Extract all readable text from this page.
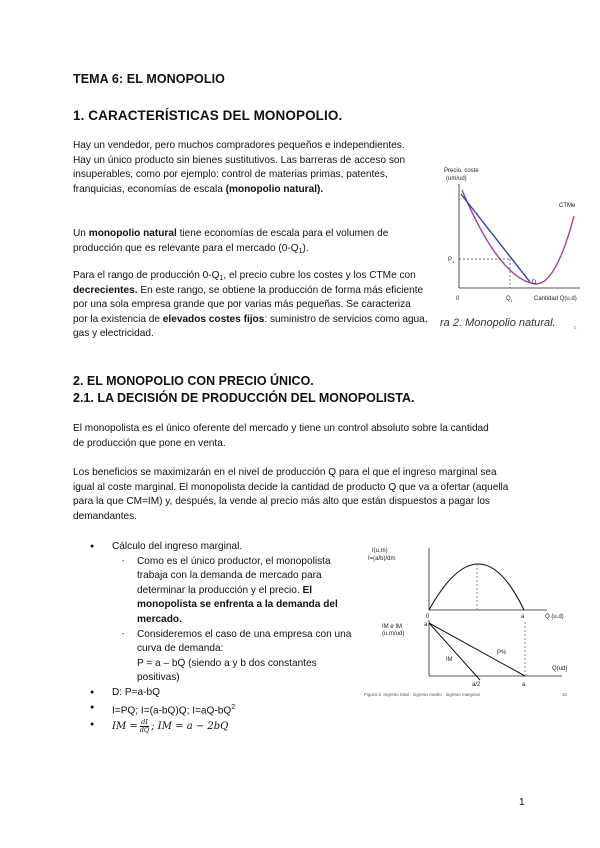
TEMA 6: EL MONOPOLIO
1. CARACTERÍSTICAS DEL MONOPOLIO.
Hay un vendedor, pero muchos compradores pequeños e independientes. Hay un único producto sin bienes sustitutivos. Las barreras de acceso son insuperables, como por ejemplo: control de materias primas, patentes, franquicias, economías de escala (monopolio natural).
Un monopolio natural tiene economías de escala para el volumen de producción que es relevante para el mercado $(0-Q_1)$.
Para el rango de producción $0-Q_1$, el precio cubre los costes y los CTMe con decrecientes. En este rango, se obtiene la producción de forma más eficiente por una sola empresa grande que por varias más pequeñas. Se caracteriza por la existencia de elevados costes fijos: suministro de servicios como agua, gas y electricidad.
Precio, coste
(um/ud)
CTMe
D
$P_1$
0	$Q_1$	Cantidad Q(u.d)
ra 2. Monopolio natural.	c
2. EL MONOPOLIO CON PRECIO ÚNICO.
2.1. LA DECISIÓN DE PRODUCCIÓN DEL MONOPOLISTA.
El monopolista es el único oferente del mercado y tiene un control absoluto sobre la cantidad de producción que pone en venta.
Los beneficios se maximizarán en el nivel de producción Q para el que el ingreso marginal sea igual al coste marginal. El monopolista decide la cantidad de producto Q que va a ofertar (aquella para la que CM=IM) y, después, la vende al precio más alto que están dispuestos a pagar los demandantes.
● Cálculo del ingreso marginal.
- Como es el único productor, el monopolista trabaja con la demanda de mercado para determinar la producción y el precio. El monopolista se enfrenta a la demanda del mercado.
- Consideremos el caso de una empresa con una curva de demanda:
P = a – bQ (siendo a y b dos constantes positivas)
● D: P=a-bQ
● I=PQ; I=(a-bQ)Q; $I=aQ-bQ^2$
● IM = $\frac{dI}{dQ}$ ; IM = a − 2bQ
I(u.m)
I=(a/b)/dm
0	a	Q (u.d)
IM e IM
(u.m/ud)
a
IM
P%
Q(ud)
a/2	a
Figura 3. Ingreso total · ingreso medio · ingreso marginal	10
1
